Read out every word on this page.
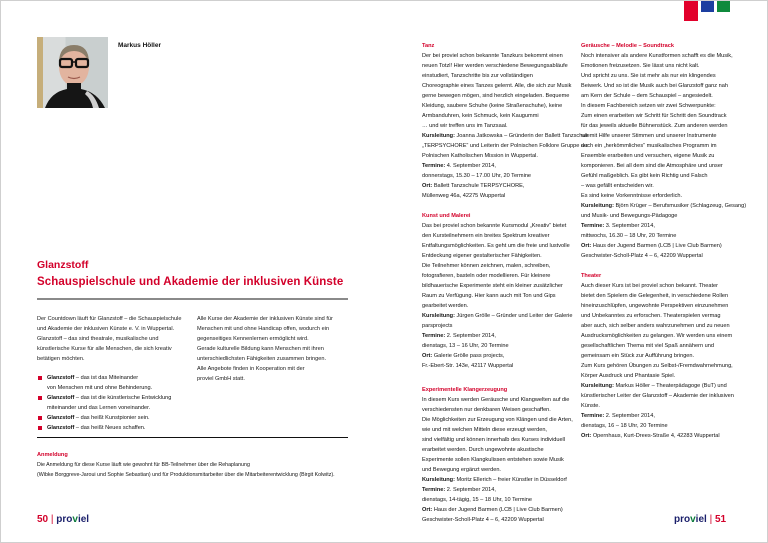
Markus Höller
Glanzstoff
Schauspielschule und Akademie der inklusiven Künste
Der Countdown läuft für Glanzstoff – die Schauspielschule
und Akademie der inklusiven Künste e. V. in Wuppertal.
Glanzstoff – das sind theatrale, musikalische und
künstlerische Kurse für alle Menschen, die sich kreativ
betätigen möchten.
Alle Kurse der Akademie der inklusiven Künste sind für
Menschen mit und ohne Handicap offen, wodurch ein
gegenseitiges Kennenlernen ermöglicht wird.
Gerade kulturelle Bildung kann Menschen mit ihren
unterschiedlichsten Fähigkeiten zusammen bringen.
Alle Angebote finden in Kooperation mit der
proviel GmbH statt.
Glanzstoff – das ist das Miteinander
von Menschen mit und ohne Behinderung.
Glanzstoff – das ist die künstlerische Entwicklung
miteinander und das Lernen voneinander.
Glanzstoff – das heißt Kunstpionier sein.
Glanzstoff – das heißt Neues schaffen.
Anmeldung
Die Anmeldung für diese Kurse läuft wie gewohnt für BB-Teilnehmer über die Rehaplanung
(Wibke Borggreve-Jaroui und Sophie Sebastian) und für Produktionsmitarbeiter über die Mitarbeiterentwicklung (Birgit Kolwitz).
50 | proviel

Tanz

Der bei proviel schon bekannte Tanzkurs bekommt einen

neuen Totzl! Hier werden verschiedene Bewegungsabläufe

einstudiert, Tanzschritte bis zur vollständigen

Choreographie eines Tanzes gelernt. Alle, die sich zur Musik

gerne bewegen mögen, sind herzlich eingeladen. Bequeme

Kleidung, saubere Schuhe (keine Straßenschuhe), keine

Armbanduhren, kein Schmuck, kein Kaugummi

… und wir treffen uns im Tanzsaal.

Kursleitung: Joanna Jatkowska – Gründerin der Ballett Tanzschule „TERPSYCHORE“ und Leiterin der Polnischen Folklore Gruppe der Polnischen Katholischen Mission in Wuppertal.

Termine: 4. September 2014,

donnerstags, 15.30 – 17.00 Uhr, 20 Termine

Ort: Ballett Tanzschule TERPSYCHORE,

Müllenweg 46a, 42275 Wuppertal

Kunst und Malerei

Das bei proviel schon bekannte Kursmodul „Kreativ“ bietet

den Kursteilnehmern ein breites Spektrum kreativer

Entfaltungsmöglichkeiten. Es geht um die freie und lustvolle

Entdeckung eigener gestalterischer Fähigkeiten.

Die Teilnehmer können zeichnen, malen, schreiben,

fotografieren, basteln oder modellieren. Für kleinere

bildhauerische Experimente steht ein kleiner zusätzlicher

Raum zu Verfügung. Hier kann auch mit Ton und Gips

gearbeitet werden.

Kursleitung: Jürgen Grölle – Gründer und Leiter der Galerie parsprojects

Termine: 2. September 2014,

dienstags, 13 – 16 Uhr, 20 Termine

Ort: Galerie Grölle pass projects,

Fr.-Ebert-Str. 143e, 42117 Wuppertal

Experimentelle Klangerzeugung

In diesem Kurs werden Geräusche und Klangwelten auf die

verschiedensten nur denkbaren Weisen geschaffen.

Die Möglichkeiten zur Erzeugung von Klängen und die Arten,

wie und mit welchen Mitteln diese erzeugt werden,

sind vielfältig und können innerhalb des Kurses individuell

erarbeitet werden. Durch ungewohnte akustische

Experimente sollen Klangkulissen entstehen sowie Musik

und Bewegung ergänzt werden.

Kursleitung: Moritz Ellerich – freier Künstler in Düsseldorf

Termine: 2. September 2014,

dienstags, 14-tägig, 15 – 18 Uhr, 10 Termine

Ort: Haus der Jugend Barmen (LCB | Live Club Barmen)

Geschwister-Scholl-Platz 4 – 6, 42209 Wuppertal

Geräusche – Melodie – Soundtrack

Noch intensiver als andere Kunstformen schafft es die Musik,

Emotionen freizusetzen. Sie lässt uns nicht kalt.

Und spricht zu uns. Sie ist mehr als nur ein klingendes

Beiwerk. Und so ist die Musik auch bei Glanzstoff ganz nah

am Kern der Schule – dem Schauspiel – angesiedelt.

In diesem Fachbereich setzen wir zwei Schwerpunkte:

Zum einen erarbeiten wir Schritt für Schritt den Soundtrack

für das jeweils aktuelle Bühnenstück. Zum anderen werden

wir mit Hilfe unserer Stimmen und unserer Instrumente

auch ein „herkömmliches“ musikalisches Programm im

Ensemble erarbeiten und versuchen, eigene Musik zu

komponieren. Bei all dem sind die Atmosphäre und unser

Gefühl maßgeblich. Es gibt kein Richtig und Falsch

– was gefällt entscheiden wir.

Es sind keine Vorkenntnisse erforderlich.

Kursleitung: Björn Krüger – Berufsmusiker (Schlagzeug, Gesang) und Musik- und Bewegungs-Pädagoge

Termine: 3. September 2014,

mittwochs, 16.30 – 18 Uhr, 20 Termine

Ort: Haus der Jugend Barmen (LCB | Live Club Barmen)

Geschwister-Scholl-Platz 4 – 6, 42209 Wuppertal

Theater

Auch dieser Kurs ist bei proviel schon bekannt. Theater

bietet den Spielern die Gelegenheit, in verschiedene Rollen

hineinzuschlüpfen, ungewohnte Perspektiven einzunehmen

und Unbekanntes zu erforschen. Theaterspielen vermag

aber auch, sich selber anders wahrzunehmen und zu neuen

Ausdrucksmöglichkeiten zu gelangen. Wir werden uns einem

gesellschaftlichen Thema mit viel Spaß annähern und

gemeinsam ein Stück zur Aufführung bringen.

Zum Kurs gehören Übungen zu Selbst-/Fremdwahrnehmung,

Körper Ausdruck und Phantasie Spiel.

Kursleitung: Markus Höller – Theaterpädagoge (BuT) und künstlerischer Leiter der Glanzstoff – Akademie der inklusiven Künste.

Termine: 2. September 2014,

dienstags, 16 – 18 Uhr, 20 Termine

Ort: Opernhaus, Kurt-Drees-Straße 4, 42283 Wuppertal

proviel | 51
